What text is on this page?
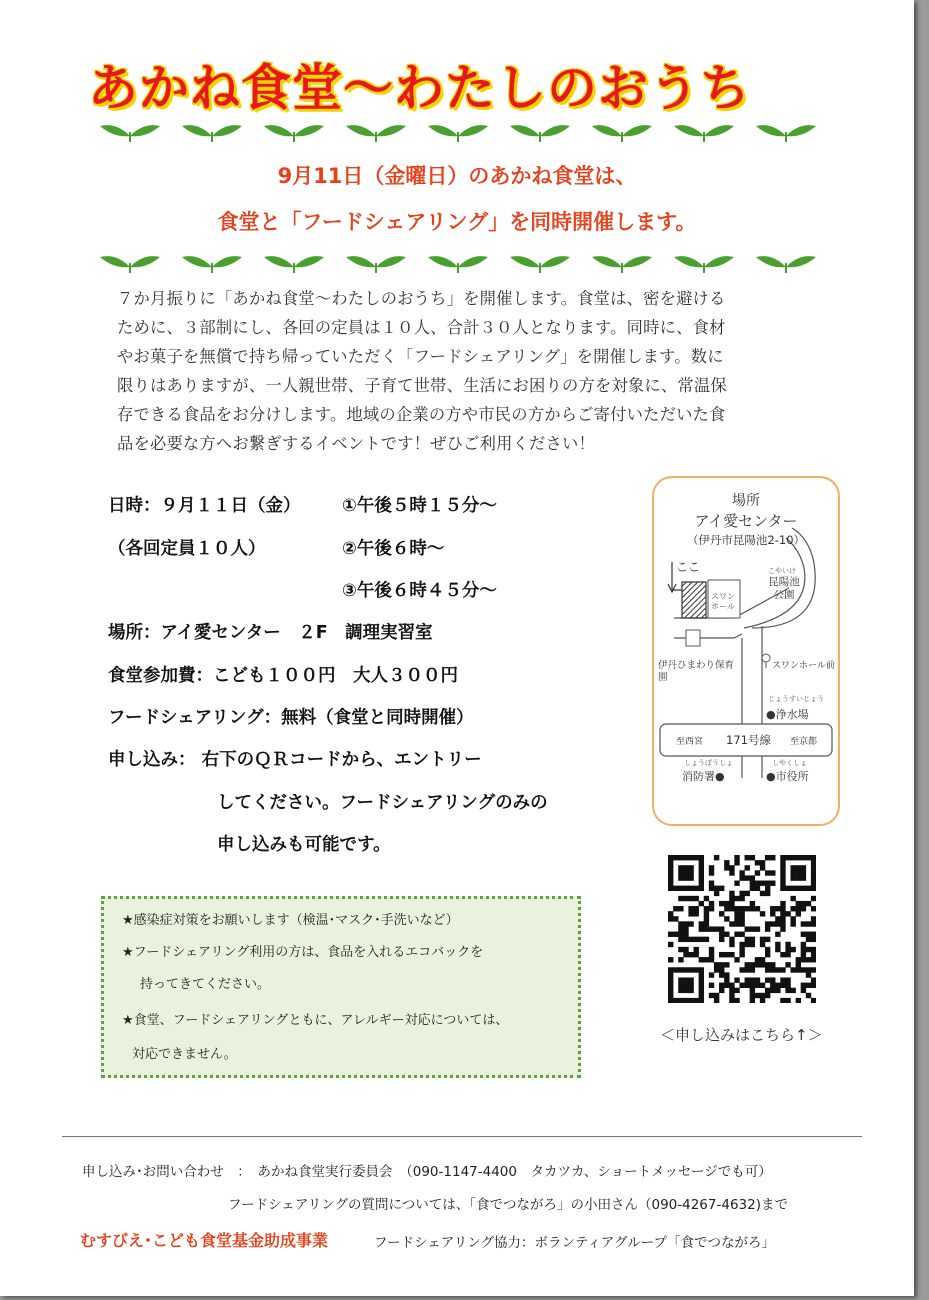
あかね食堂〜わたしのおうち
9月11日（金曜日）のあかね食堂は、
食堂と「フードシェアリング」を同時開催します。
７か月振りに「あかね食堂〜わたしのおうち」を開催します。食堂は、密を避ける
ために、３部制にし、各回の定員は１０人、合計３０人となります。同時に、食材
やお菓子を無償で持ち帰っていただく「フードシェアリング」を開催します。数に
限りはありますが、一人親世帯、子育て世帯、生活にお困りの方を対象に、常温保
存できる食品をお分けします。地域の企業の方や市民の方からご寄付いただいた食
品を必要な方へお繋ぎするイベントです！ぜひご利用ください！
日時：９月１１日（金） ①午後５時１５分〜
（各回定員１０人）	②午後６時〜
③午後６時４５分〜
場所：アイ愛センター　２F　調理実習室
食堂参加費：こども１００円　大人３００円
フードシェアリング：無料（食堂と同時開催）
申し込み： 右下のＱＲコードから、エントリー
してください。フードシェアリングのみの
申し込みも可能です。
場所
アイ愛センター
（伊丹市昆陽池2-10）
ここ
スワンホール
こやいけ
昆陽池公園
伊丹ひまわり保育園
スワンホール前
じょうすいじょう
●浄水場
至西宮 171号線 至京都
しょうぼうしょ
消防署●
しやくしょ
●市役所
★感染症対策をお願いします（検温･マスク･手洗いなど）
★フードシェアリング利用の方は、食品を入れるエコバックを
持ってきてください。
★食堂、フードシェアリングともに、アレルギー対応については、
対応できません。
＜申し込みはこちら↑＞
申し込み･お問い合わせ　：　あかね食堂実行委員会　（090-1147-4400　タカツカ、ショートメッセージでも可）
フードシェアリングの質問については、「食でつながろ」の小田さん（090-4267-4632)まで
むすびえ･こども食堂基金助成事業	フードシェアリング協力：ボランティアグループ「食でつながろ」
